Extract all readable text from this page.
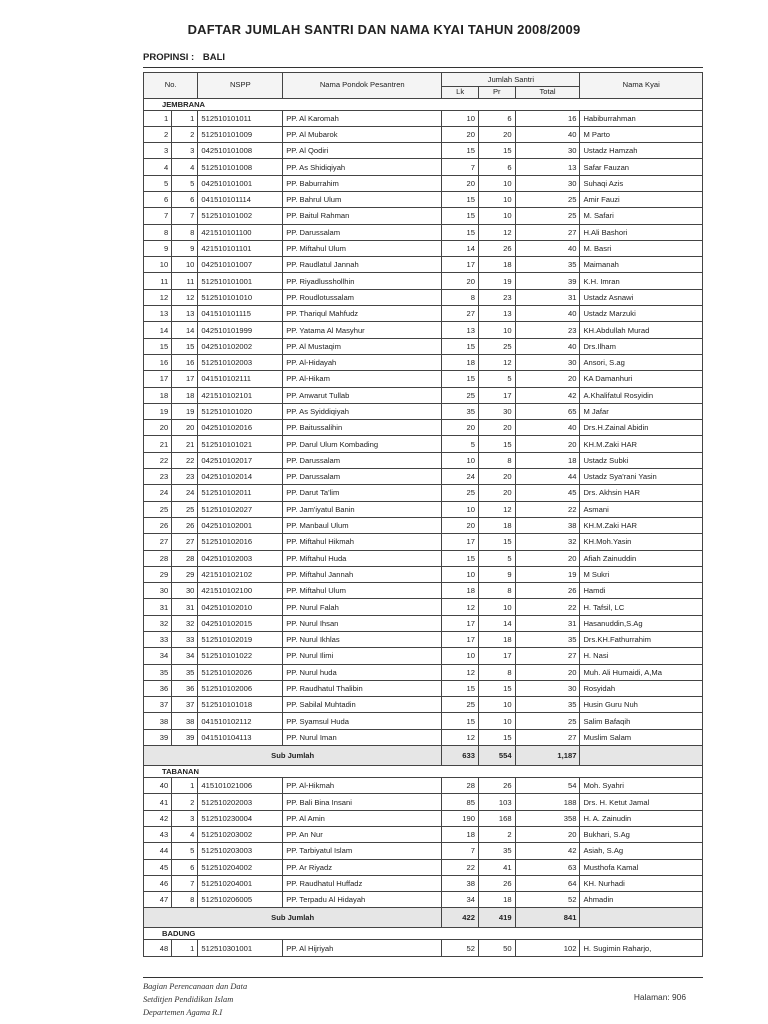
DAFTAR JUMLAH SANTRI DAN NAMA KYAI TAHUN 2008/2009
PROPINSI : BALI
No.		NSPP	Nama Pondok Pesantren	Jumlah Santri			Nama Kyai
				Lk	Pr	Total	
JEMBRANA							
1	1	512510101011	PP. Al Karomah	10	6	16	Habiburrahman
2	2	512510101009	PP. Al Mubarok	20	20	40	M Parto
3	3	042510101008	PP. Al Qodiri	15	15	30	Ustadz Hamzah
4	4	512510101008	PP. As Shidiqiyah	7	6	13	Safar Fauzan
5	5	042510101001	PP. Baburrahim	20	10	30	Suhaqi Azis
6	6	041510101114	PP. Bahrul Ulum	15	10	25	Amir Fauzi
7	7	512510101002	PP. Baitul Rahman	15	10	25	M. Safari
8	8	421510101100	PP. Darussalam	15	12	27	H.Ali Bashori
9	9	421510101101	PP. Miftahul Ulum	14	26	40	M. Basri
10	10	042510101007	PP. Raudlatul Jannah	17	18	35	Maimanah
11	11	512510101001	PP. Riyadlusshollhin	20	19	39	K.H. Imran
12	12	512510101010	PP. Roudlotussalam	8	23	31	Ustadz Asnawi
13	13	041510101115	PP. Thariqul Mahfudz	27	13	40	Ustadz Marzuki
14	14	042510101999	PP. Yatama Al Masyhur	13	10	23	KH.Abdullah Murad
15	15	042510102002	PP. Al Mustaqim	15	25	40	Drs.Ilham
16	16	512510102003	PP. Al-Hidayah	18	12	30	Ansori, S.ag
17	17	041510102111	PP. Al-Hikam	15	5	20	KA Damanhuri
18	18	421510102101	PP. Anwarut Tullab	25	17	42	A.Khalifatul Rosyidin
19	19	512510101020	PP. As Syiddiqiyah	35	30	65	M Jafar
20	20	042510102016	PP. Baitussalihin	20	20	40	Drs.H.Zainal Abidin
21	21	512510101021	PP. Darul Ulum Kombading	5	15	20	KH.M.Zaki HAR
22	22	042510102017	PP. Darussalam	10	8	18	Ustadz Subki
23	23	042510102014	PP. Darussalam	24	20	44	Ustadz Sya'rani Yasin
24	24	512510102011	PP. Darut Ta'lim	25	20	45	Drs. Akhsin HAR
25	25	512510102027	PP. Jam'iyatul Banin	10	12	22	Asmani
26	26	042510102001	PP. Manbaul Ulum	20	18	38	KH.M.Zaki HAR
27	27	512510102016	PP. Miftahul Hikmah	17	15	32	KH.Moh.Yasin
28	28	042510102003	PP. Miftahul Huda	15	5	20	Afiah Zainuddin
29	29	421510102102	PP. Miftahul Jannah	10	9	19	M Sukri
30	30	421510102100	PP. Miftahul Ulum	18	8	26	Hamdi
31	31	042510102010	PP. Nurul Falah	12	10	22	H. Tafsil, LC
32	32	042510102015	PP. Nurul Ihsan	17	14	31	Hasanuddin,S.Ag
33	33	512510102019	PP. Nurul Ikhlas	17	18	35	Drs.KH.Fathurrahim
34	34	512510101022	PP. Nurul Ilimi	10	17	27	H. Nasi
35	35	512510102026	PP. Nurul huda	12	8	20	Muh. Ali Humaidi, A,Ma
36	36	512510102006	PP. Raudhatul Thalibin	15	15	30	Rosyidah
37	37	512510101018	PP. Sabilal Muhtadin	25	10	35	Husin Guru Nuh
38	38	041510102112	PP. Syamsul Huda	15	10	25	Salim Bafaqih
39	39	041510104113	PP. Nurul Iman	12	15	27	Muslim Salam
Sub Jumlah				633	554	1,187	
TABANAN							
40	1	415101021006	PP. Al-Hikmah	28	26	54	Moh. Syahri
41	2	512510202003	PP. Bali Bina Insani	85	103	188	Drs. H. Ketut Jamal
42	3	512510230004	PP. Al Amin	190	168	358	H. A. Zainudin
43	4	512510203002	PP. An Nur	18	2	20	Bukhari, S.Ag
44	5	512510203003	PP. Tarbiyatul Islam	7	35	42	Asiah, S.Ag
45	6	512510204002	PP. Ar Riyadz	22	41	63	Musthofa Kamal
46	7	512510204001	PP. Raudhatul Huffadz	38	26	64	KH. Nurhadi
47	8	512510206005	PP. Terpadu Al Hidayah	34	18	52	Ahmadin
Sub Jumlah				422	419	841	
BADUNG							
48	1	512510301001	PP. Al Hijriyah	52	50	102	H. Sugimin Raharjo,
Bagian Perencanaan dan Data
Setditjen Pendidikan Islam
Departemen Agama R.I
Halaman: 906
